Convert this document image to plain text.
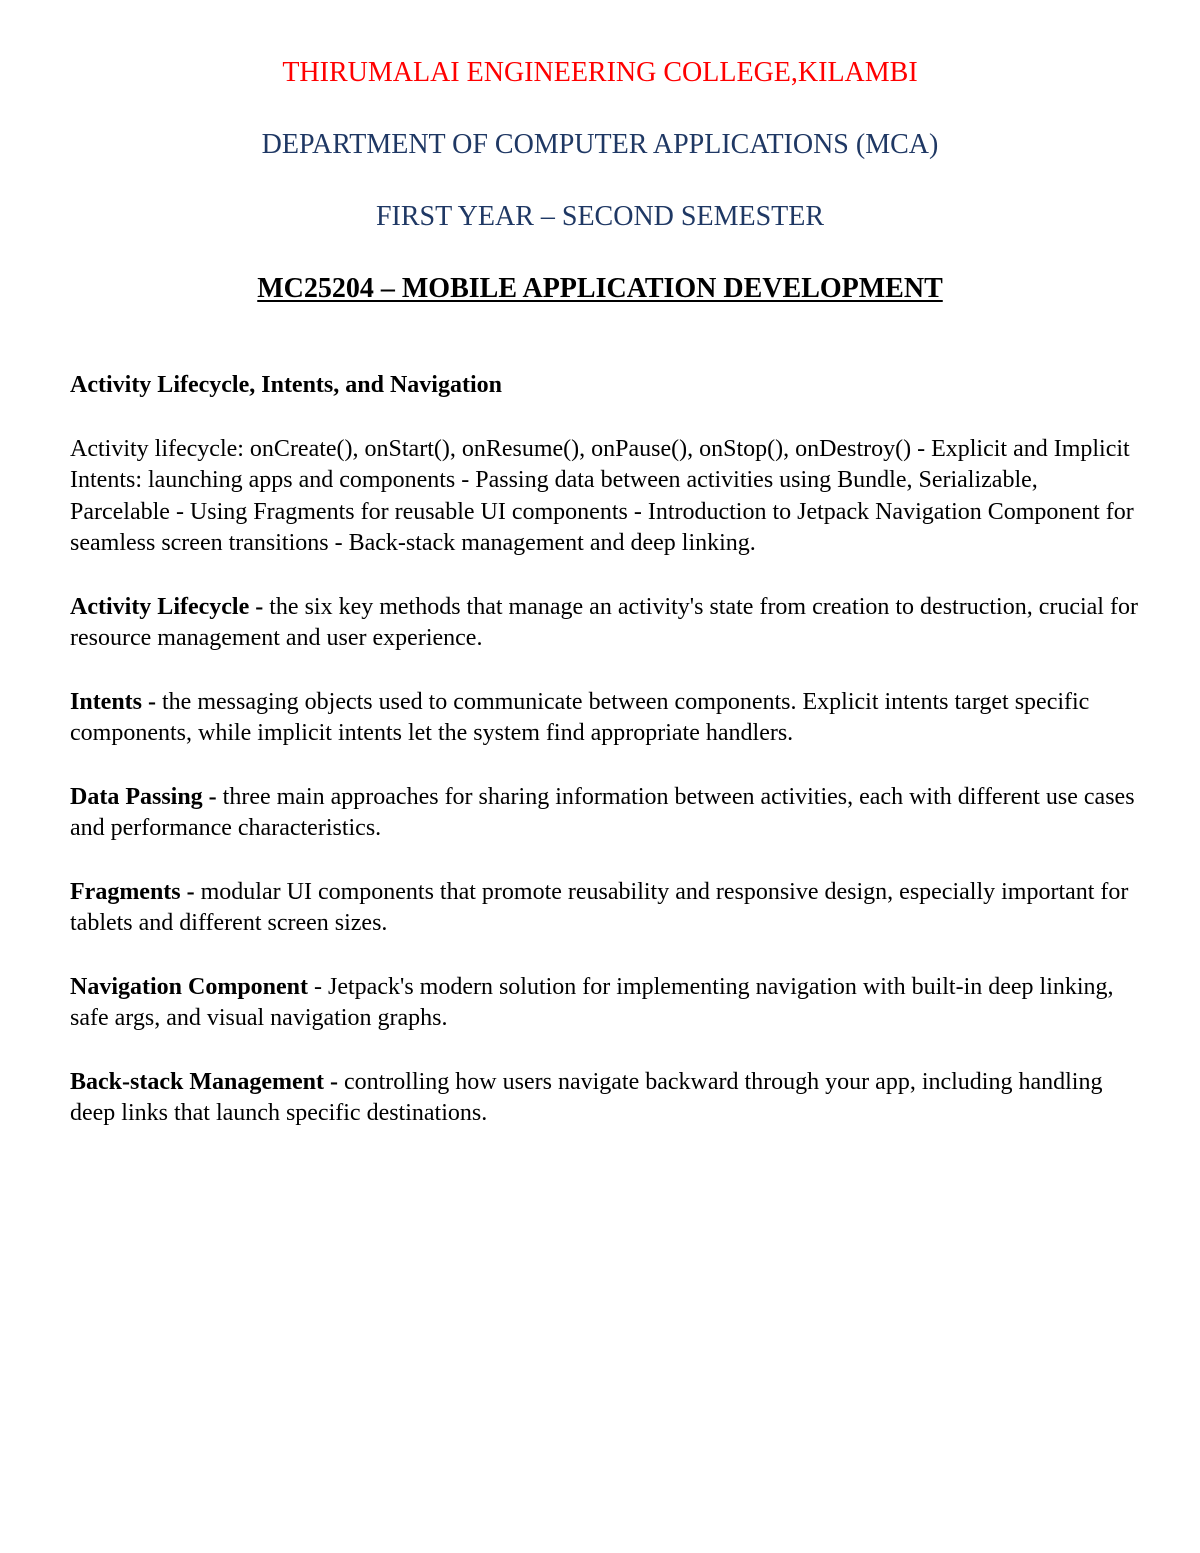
THIRUMALAI ENGINEERING COLLEGE,KILAMBI
DEPARTMENT OF COMPUTER APPLICATIONS (MCA)
FIRST YEAR – SECOND SEMESTER
MC25204 – MOBILE APPLICATION DEVELOPMENT
Activity Lifecycle, Intents, and Navigation

Activity lifecycle: onCreate(), onStart(), onResume(), onPause(), onStop(), onDestroy() - Explicit and Implicit Intents: launching apps and components - Passing data between activities using Bundle, Serializable, Parcelable - Using Fragments for reusable UI components - Introduction to Jetpack Navigation Component for seamless screen transitions - Back-stack management and deep linking.

Activity Lifecycle - the six key methods that manage an activity's state from creation to destruction, crucial for resource management and user experience.

Intents - the messaging objects used to communicate between components. Explicit intents target specific components, while implicit intents let the system find appropriate handlers.

Data Passing - three main approaches for sharing information between activities, each with different use cases and performance characteristics.

Fragments - modular UI components that promote reusability and responsive design, especially important for tablets and different screen sizes.

Navigation Component - Jetpack's modern solution for implementing navigation with built-in deep linking, safe args, and visual navigation graphs.

Back-stack Management - controlling how users navigate backward through your app, including handling deep links that launch specific destinations.
